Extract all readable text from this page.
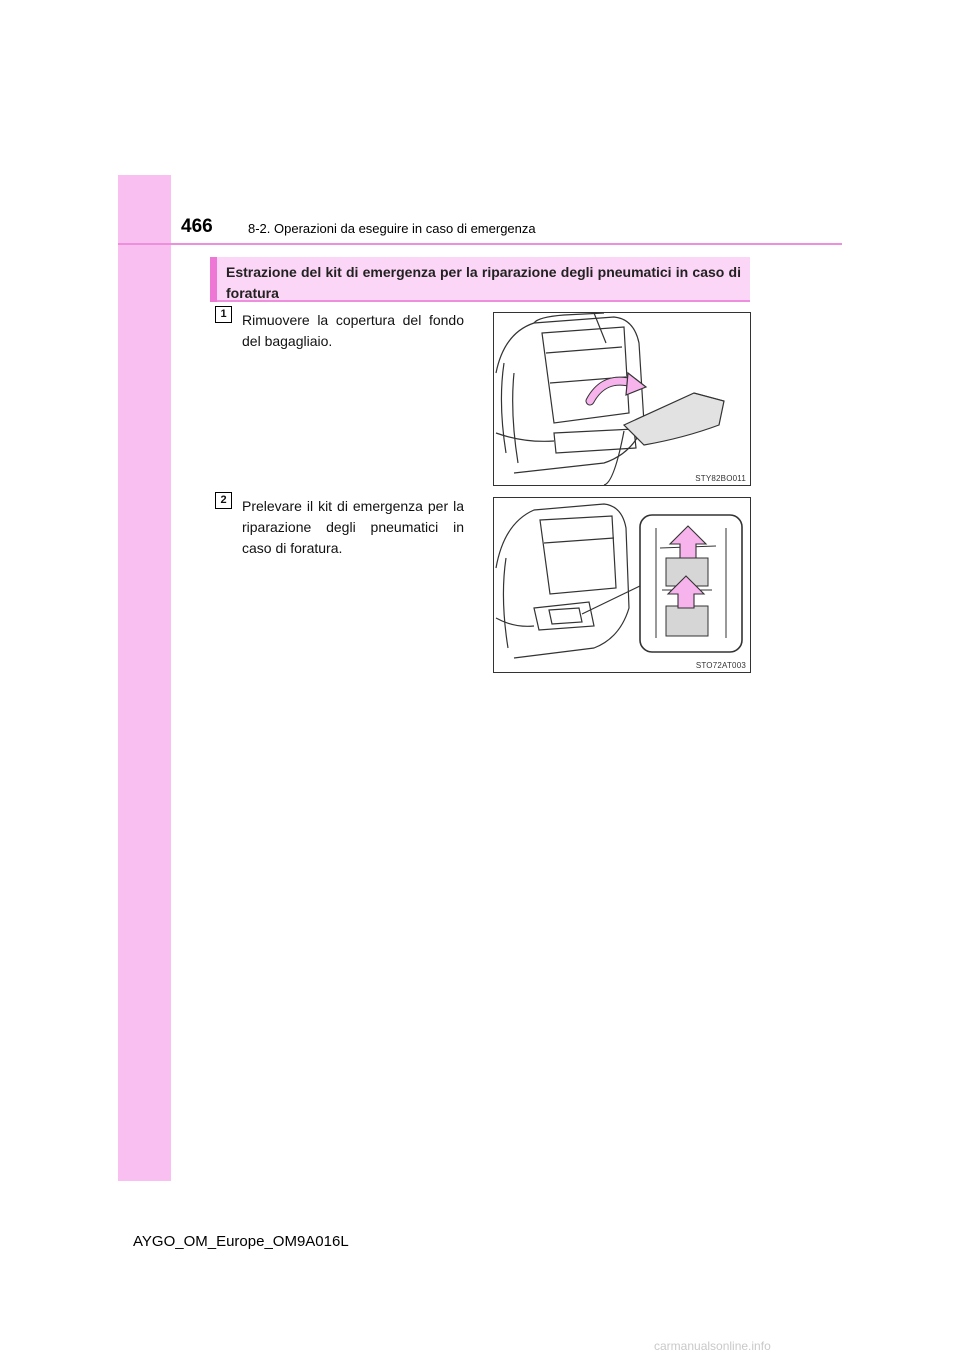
466	8-2. Operazioni da eseguire in caso di emergenza
Estrazione del kit di emergenza per la riparazione degli pneumatici in caso di foratura
1	Rimuovere la copertura del fondo del bagagliaio.
STY82BO011
2	Prelevare il kit di emergenza per la riparazione degli pneumatici in caso di foratura.
STO72AT003
AYGO_OM_Europe_OM9A016L
carmanualsonline.info
